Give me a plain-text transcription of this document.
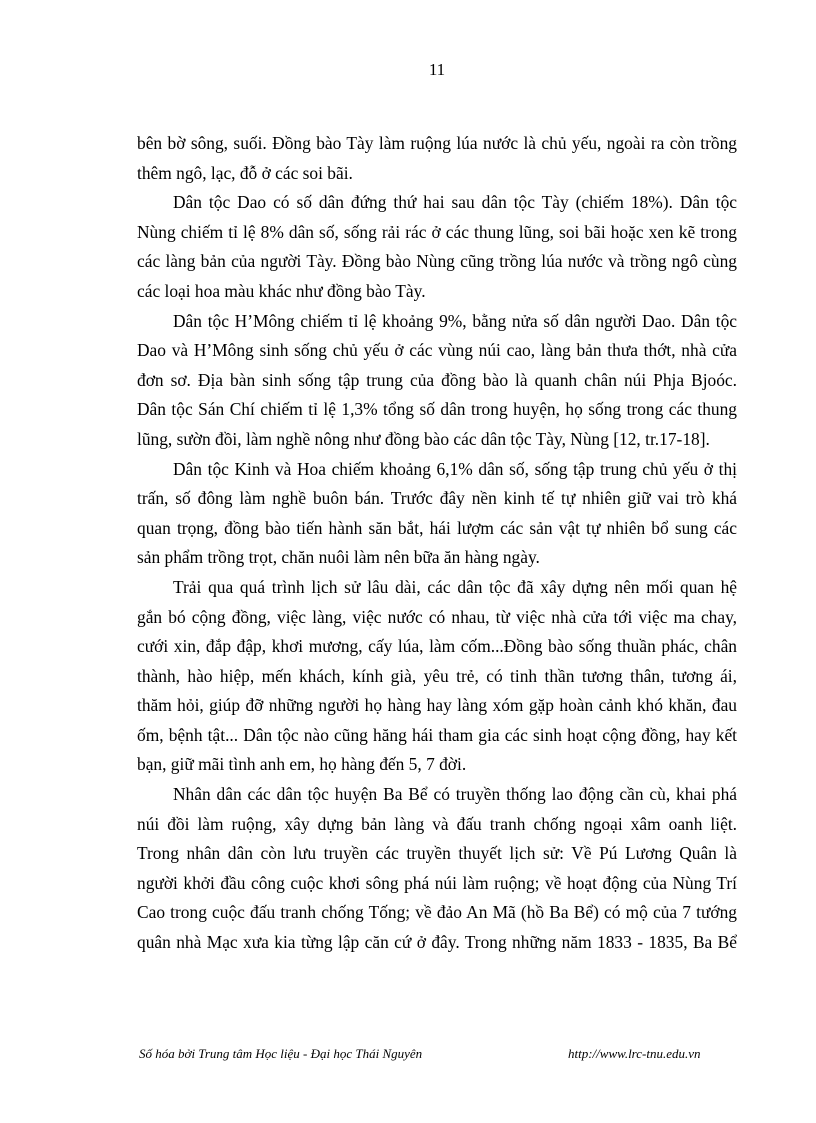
11
bên bờ sông, suối. Đồng bào Tày làm ruộng lúa nước là chủ yếu, ngoài ra còn trồng
thêm ngô, lạc, đỗ ở các soi bãi.
Dân tộc Dao có số dân đứng thứ hai sau dân tộc Tày (chiếm 18%). Dân tộc
Nùng chiếm tỉ lệ 8% dân số, sống rải rác ở các thung lũng, soi bãi hoặc xen kẽ trong
các làng bản của người Tày. Đồng bào Nùng cũng trồng lúa nước và trồng ngô cùng
các loại hoa màu khác như đồng bào Tày.
Dân tộc H’Mông chiếm tỉ lệ khoảng 9%, bằng nửa số dân người Dao. Dân tộc
Dao và H’Mông sinh sống chủ yếu ở các vùng núi cao, làng bản thưa thớt, nhà cửa
đơn sơ. Địa bàn sinh sống tập trung của đồng bào là quanh chân núi Phja Bjoóc.
Dân tộc Sán Chí chiếm tỉ lệ 1,3% tổng số dân trong huyện, họ sống trong các thung
lũng, sườn đồi, làm nghề nông như đồng bào các dân tộc Tày, Nùng [12, tr.17-18].
Dân tộc Kinh và Hoa chiếm khoảng 6,1% dân số, sống tập trung chủ yếu ở thị
trấn, số đông làm nghề buôn bán. Trước đây nền kinh tế tự nhiên giữ vai trò khá
quan trọng, đồng bào tiến hành săn bắt, hái lượm các sản vật tự nhiên bổ sung các
sản phẩm trồng trọt, chăn nuôi làm nên bữa ăn hàng ngày.
Trải qua quá trình lịch sử lâu dài, các dân tộc đã xây dựng nên mối quan hệ
gắn bó cộng đồng, việc làng, việc nước có nhau, từ việc nhà cửa tới việc ma chay,
cưới xin, đắp đập, khơi mương, cấy lúa, làm cốm...Đồng bào sống thuần phác, chân
thành, hào hiệp, mến khách, kính già, yêu trẻ, có tinh thần tương thân, tương ái,
thăm hỏi, giúp đỡ những người họ hàng hay làng xóm gặp hoàn cảnh khó khăn, đau
ốm, bệnh tật... Dân tộc nào cũng hăng hái tham gia các sinh hoạt cộng đồng, hay kết
bạn, giữ mãi tình anh em, họ hàng đến 5, 7 đời.
Nhân dân các dân tộc huyện Ba Bể có truyền thống lao động cần cù, khai phá
núi đồi làm ruộng, xây dựng bản làng và đấu tranh chống ngoại xâm oanh liệt.
Trong nhân dân còn lưu truyền các truyền thuyết lịch sử: Về Pú Lương Quân là
người khởi đầu công cuộc khơi sông phá núi làm ruộng; về hoạt động của Nùng Trí
Cao trong cuộc đấu tranh chống Tống; về đảo An Mã (hồ Ba Bể) có mộ của 7 tướng
quân nhà Mạc xưa kia từng lập căn cứ ở đây. Trong những năm 1833 - 1835, Ba Bể
Số hóa bởi Trung tâm Học liệu - Đại học Thái Nguyên	http://www.lrc-tnu.edu.vn
